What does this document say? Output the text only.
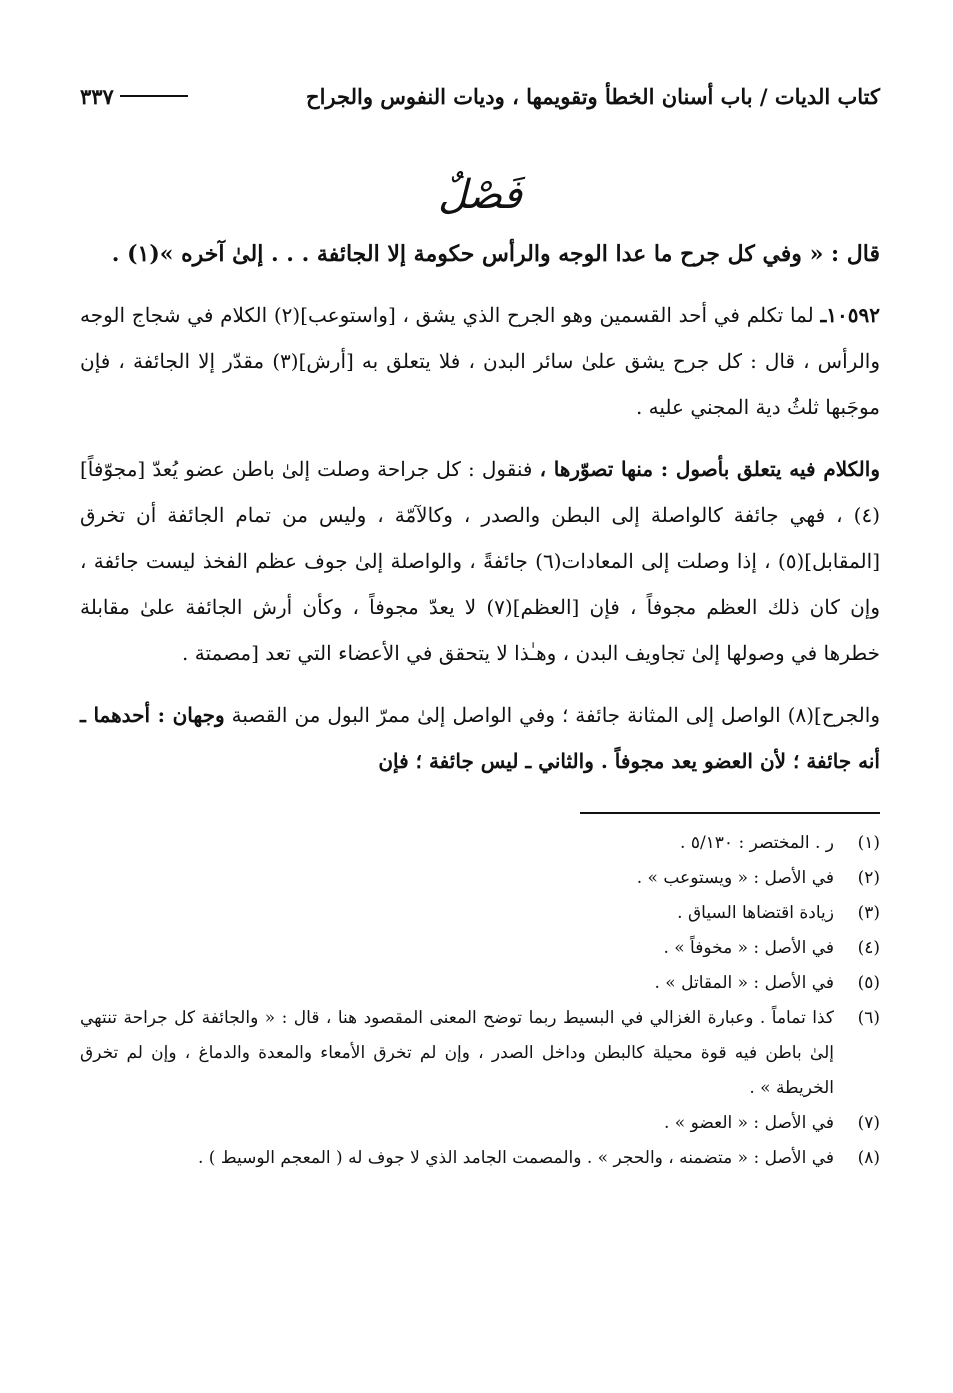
كتاب الديات / باب أسنان الخطأ وتقويمها ، وديات النفوس والجراح
٣٣٧
فَصْلٌ
قال : « وفي كل جرح ما عدا الوجه والرأس حكومة إلا الجائفة . . . إلىٰ آخره »(١) .
١٠٥٩٢ـ لما تكلم في أحد القسمين وهو الجرح الذي يشق ، [واستوعب](٢) الكلام في شجاج الوجه والرأس ، قال : كل جرح يشق علىٰ سائر البدن ، فلا يتعلق به [أرش](٣) مقدّر إلا الجائفة ، فإن موجَبها ثلثُ دية المجني عليه .
والكلام فيه يتعلق بأصول : منها تصوّرها ، فنقول : كل جراحة وصلت إلىٰ باطن عضو يُعدّ [مجوّفاً](٤) ، فهي جائفة كالواصلة إلى البطن والصدر ، وكالآمّة ، وليس من تمام الجائفة أن تخرق [المقابل](٥) ، إذا وصلت إلى المعادات(٦) جائفةً ، والواصلة إلىٰ جوف عظم الفخذ ليست جائفة ، وإن كان ذلك العظم مجوفاً ، فإن [العظم](٧) لا يعدّ مجوفاً ، وكأن أرش الجائفة علىٰ مقابلة خطرها في وصولها إلىٰ تجاويف البدن ، وهـٰذا لا يتحقق في الأعضاء التي تعد [مصمتة .
والجرح](٨) الواصل إلى المثانة جائفة ؛ وفي الواصل إلىٰ ممرّ البول من القصبة وجهان : أحدهما ـ أنه جائفة ؛ لأن العضو يعد مجوفاً . والثاني ـ ليس جائفة ؛ فإن
(١)
ر . المختصر : ٥/١٣٠ .
(٢)
في الأصل : « ويستوعب » .
(٣)
زيادة اقتضاها السياق .
(٤)
في الأصل : « مخوفاً » .
(٥)
في الأصل : « المقاتل » .
(٦)
كذا تماماً . وعبارة الغزالي في البسيط ربما توضح المعنى المقصود هنا ، قال : « والجائفة كل جراحة تنتهي إلىٰ باطن فيه قوة محيلة كالبطن وداخل الصدر ، وإن لم تخرق الأمعاء والمعدة والدماغ ، وإن لم تخرق الخريطة » .
(٧)
في الأصل : « العضو » .
(٨)
في الأصل : « متضمنه ، والحجر » . والمصمت الجامد الذي لا جوف له ( المعجم الوسيط ) .
